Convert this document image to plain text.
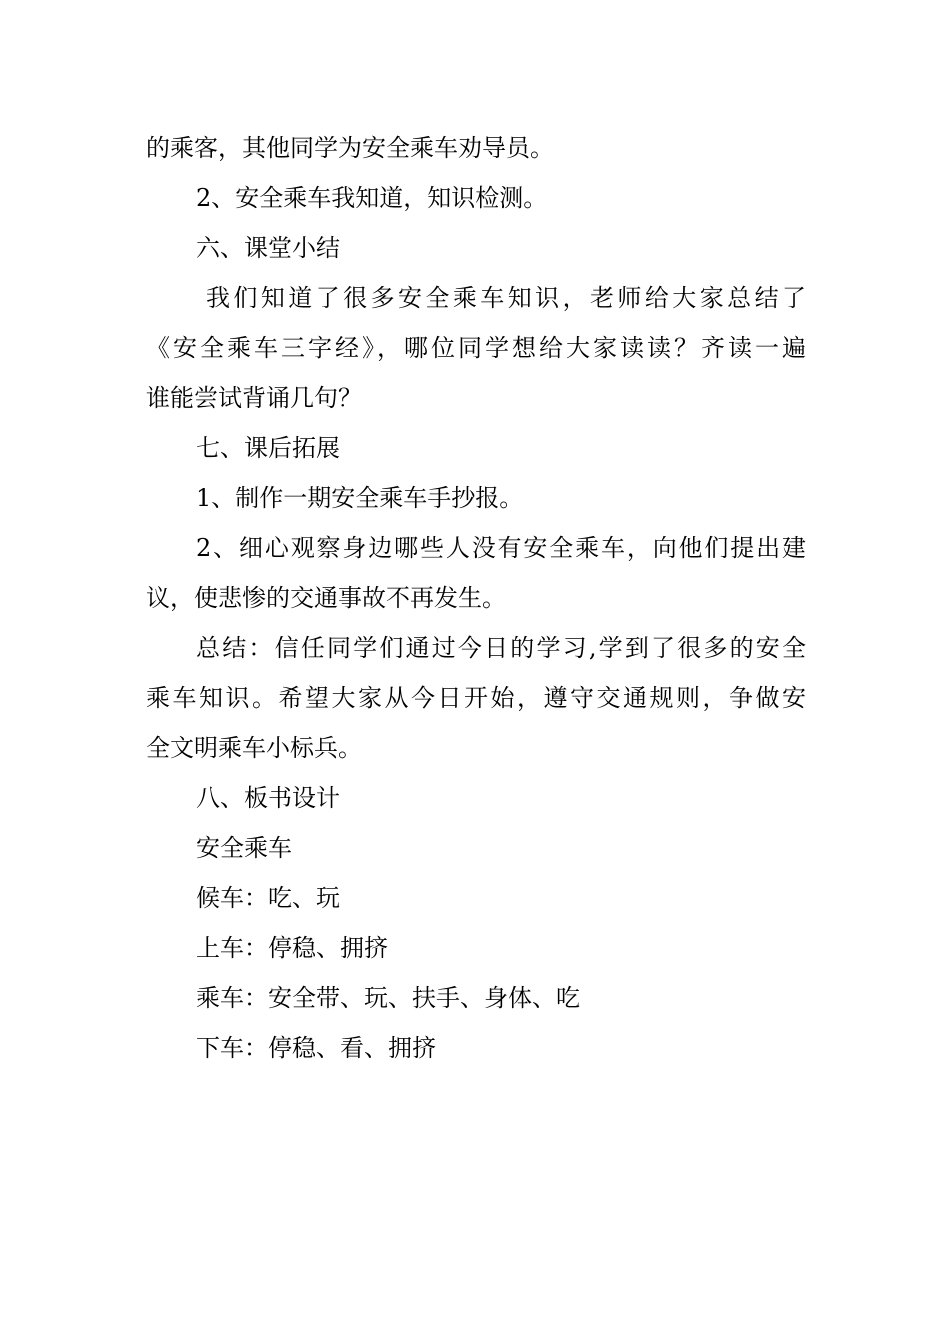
的乘客，其他同学为安全乘车劝导员。
2、安全乘车我知道，知识检测。
六、课堂小结
我们知道了很多安全乘车知识，老师给大家总结了
《安全乘车三字经》，哪位同学想给大家读读？齐读一遍
谁能尝试背诵几句？
七、课后拓展
1、制作一期安全乘车手抄报。
2、细心观察身边哪些人没有安全乘车，向他们提出建
议，使悲惨的交通事故不再发生。
总结：信任同学们通过今日的学习,学到了很多的安全
乘车知识。希望大家从今日开始，遵守交通规则，争做安
全文明乘车小标兵。
八、板书设计
安全乘车
候车：吃、玩
上车：停稳、拥挤
乘车：安全带、玩、扶手、身体、吃
下车：停稳、看、拥挤
